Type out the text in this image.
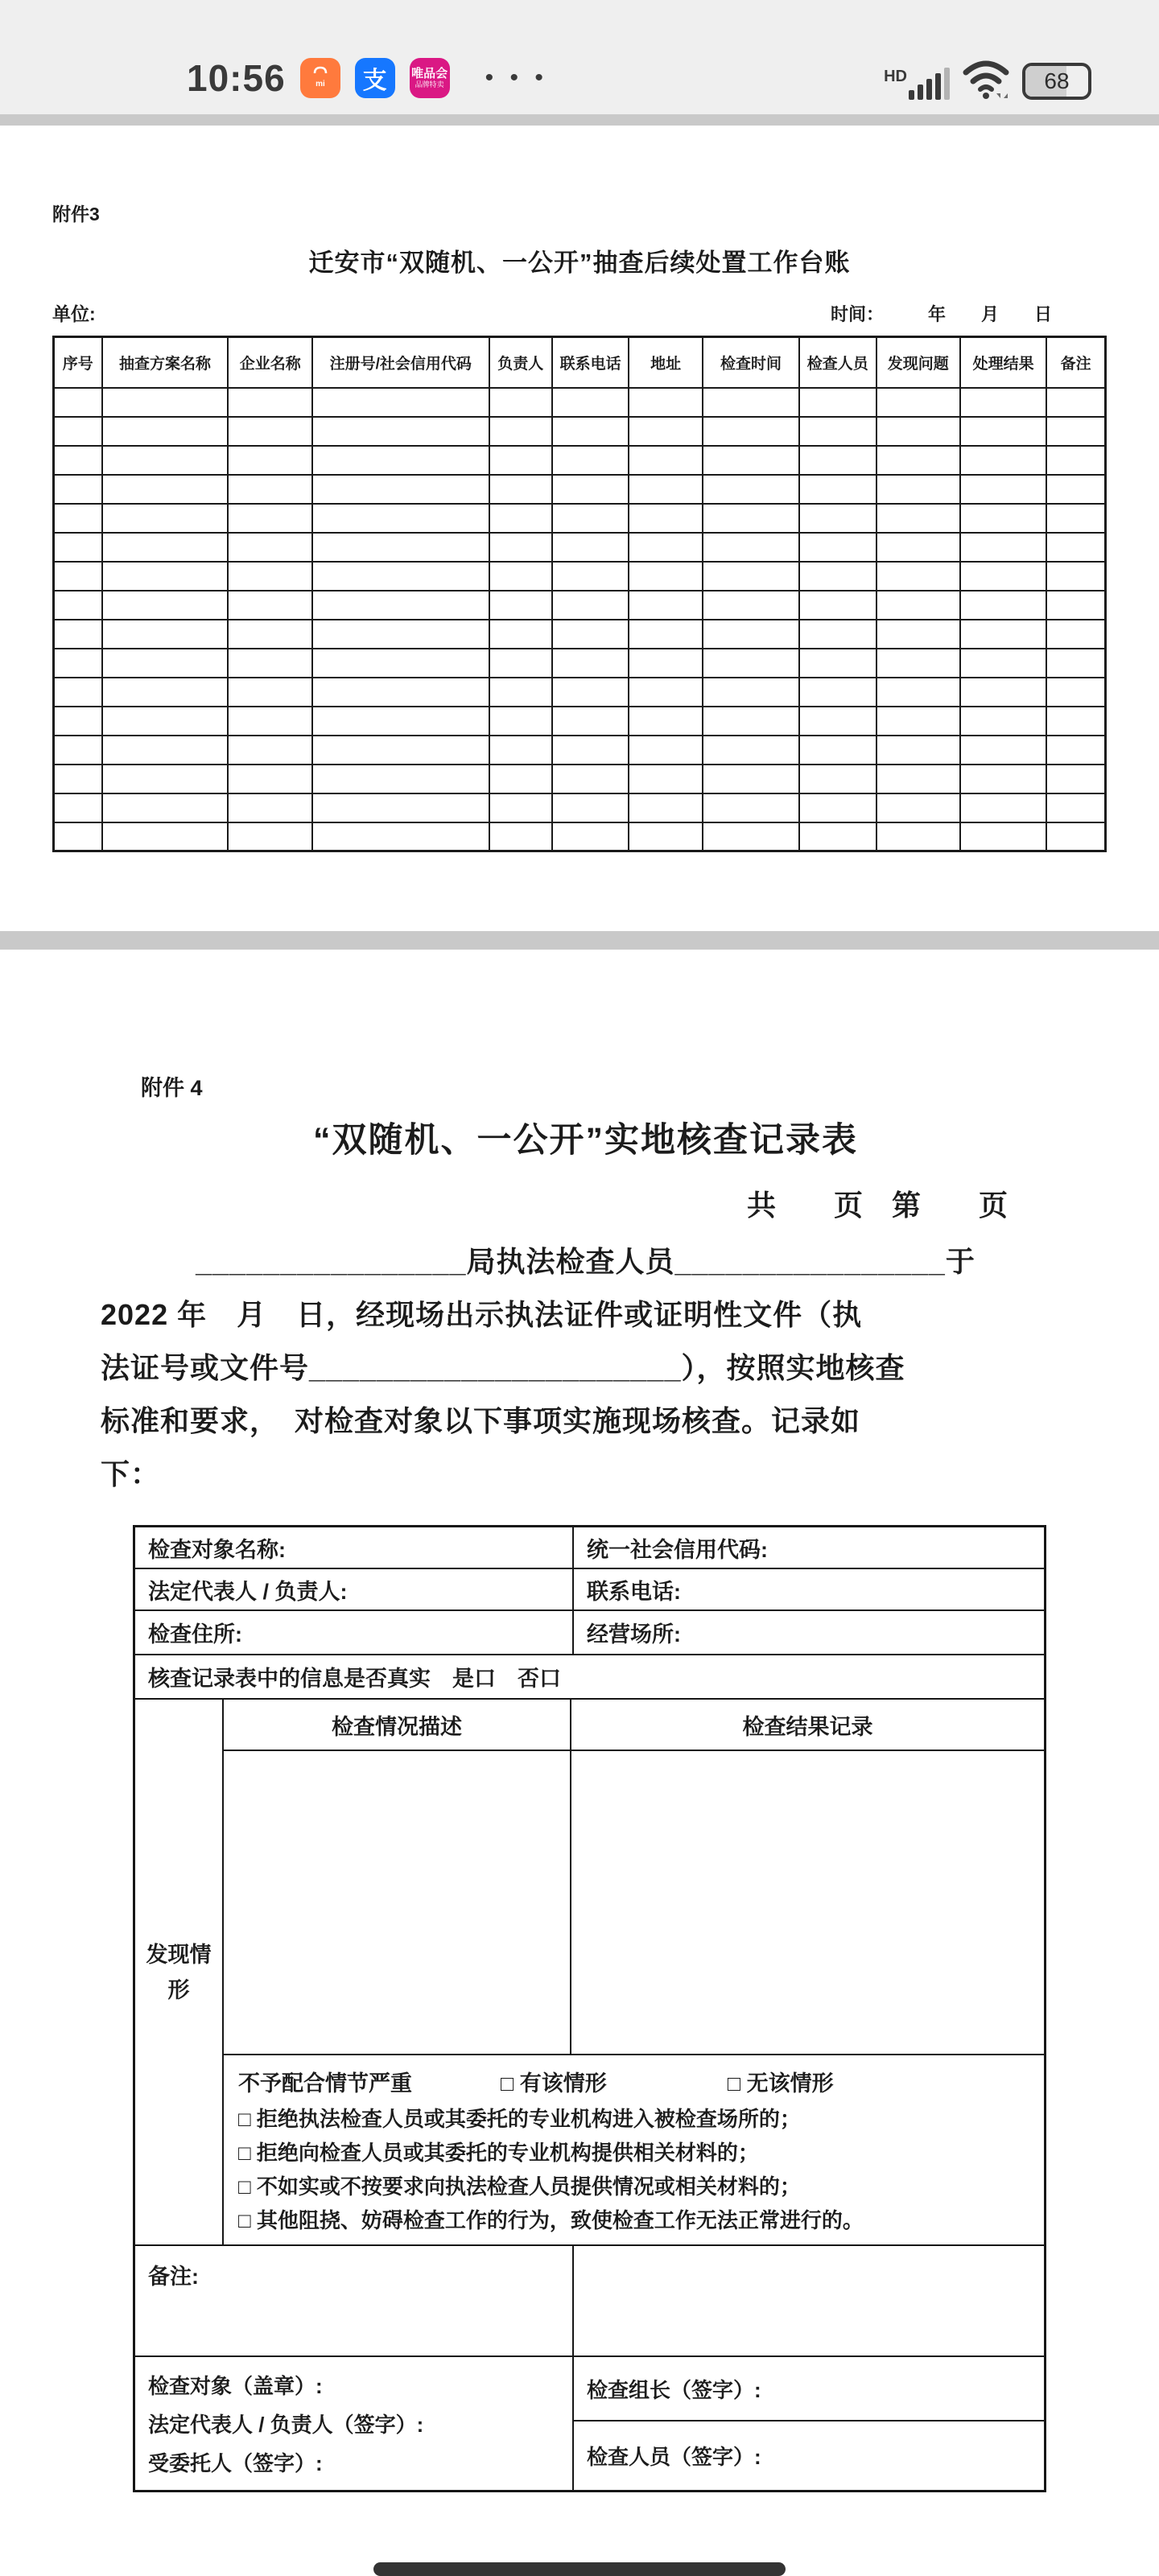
10:56	mi 支 唯品会
品牌特卖 • • •	HD	68
附件3
迁安市“双随机、一公开”抽查后续处置工作台账
单位:	时间：　　　年　　月　　日
序号	抽查方案名称	企业名称	注册号/社会信用代码	负责人	联系电话	地址	检查时间	检查人员	发现问题	处理结果	备注

附件 4
“双随机、一公开”实地核查记录表
共　　页　第　　页
________________局执法检查人员________________于
2022 年　月　日，经现场出示执法证件或证明性文件（执
法证号或文件号______________________），按照实地核查
标准和要求，　对检查对象以下事项实施现场核查。记录如
下：
检查对象名称:	统一社会信用代码:
法定代表人 / 负责人:	联系电话:
检查住所:	经营场所:
核查记录表中的信息是否真实　是口　否口
发现情形
检查情况描述	检查结果记录
不予配合情节严重	□ 有该情形	□ 无该情形
□ 拒绝执法检查人员或其委托的专业机构进入被检查场所的；
□ 拒绝向检查人员或其委托的专业机构提供相关材料的；
□ 不如实或不按要求向执法检查人员提供情况或相关材料的；
□ 其他阻挠、妨碍检查工作的行为，致使检查工作无法正常进行的。
备注:
检查对象（盖章）:
法定代表人 / 负责人（签字）:
受委托人（签字）:
检查组长（签字）:
检查人员（签字）:
